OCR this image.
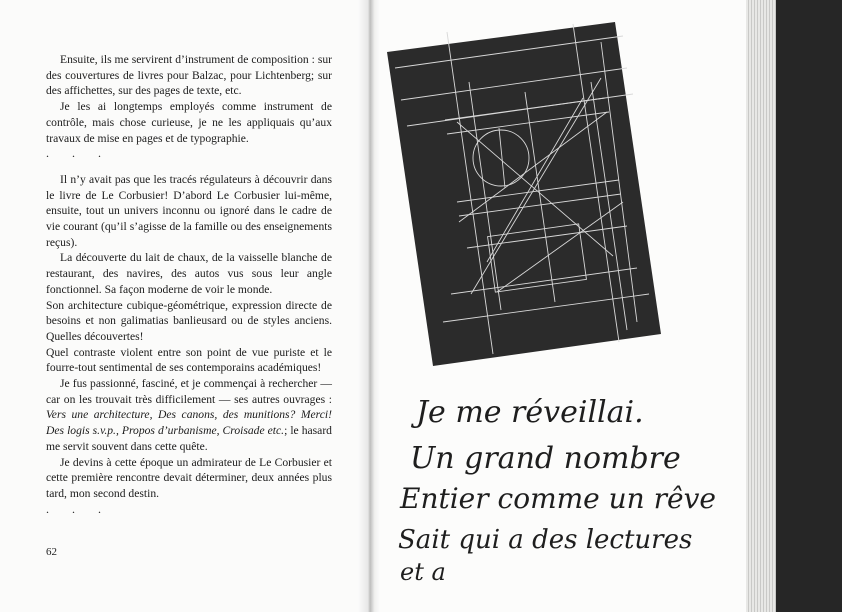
Ensuite, ils me servirent d’instrument de composition : sur des couvertures de livres pour Balzac, pour Lichtenberg; sur des affichettes, sur des pages de texte, etc.

Je les ai longtemps employés comme instrument de contrôle, mais chose curieuse, je ne les appliquais qu’aux travaux de mise en pages et de typographie.

. . .

Il n’y avait pas que les tracés régulateurs à découvrir dans le livre de Le Corbusier! D’abord Le Corbusier lui-même, ensuite, tout un univers inconnu ou ignoré dans le cadre de vie courant (qu’il s’agisse de la famille ou des enseignements reçus).

La découverte du lait de chaux, de la vaisselle blanche de restaurant, des navires, des autos vus sous leur angle fonctionnel. Sa façon moderne de voir le monde.

Son architecture cubique-géométrique, expression directe de besoins et non galimatias banlieusard ou de styles anciens. Quelles découvertes!

Quel contraste violent entre son point de vue puriste et le fourre-tout sentimental de ses contemporains académiques!

Je fus passionné, fasciné, et je commençai à rechercher — car on les trouvait très difficilement — ses autres ouvrages : Vers une architecture, Des canons, des munitions? Merci! Des logis s.v.p., Propos d’urbanisme, Croisade etc.; le hasard me servit souvent dans cette quête.

Je devins à cette époque un admirateur de Le Corbusier et cette première rencontre devait déterminer, deux années plus tard, mon second destin.

. . .

62
Je me réveillai.
Un grand nombre
Entier comme un rêve
Sait qui a des lectures
et a
